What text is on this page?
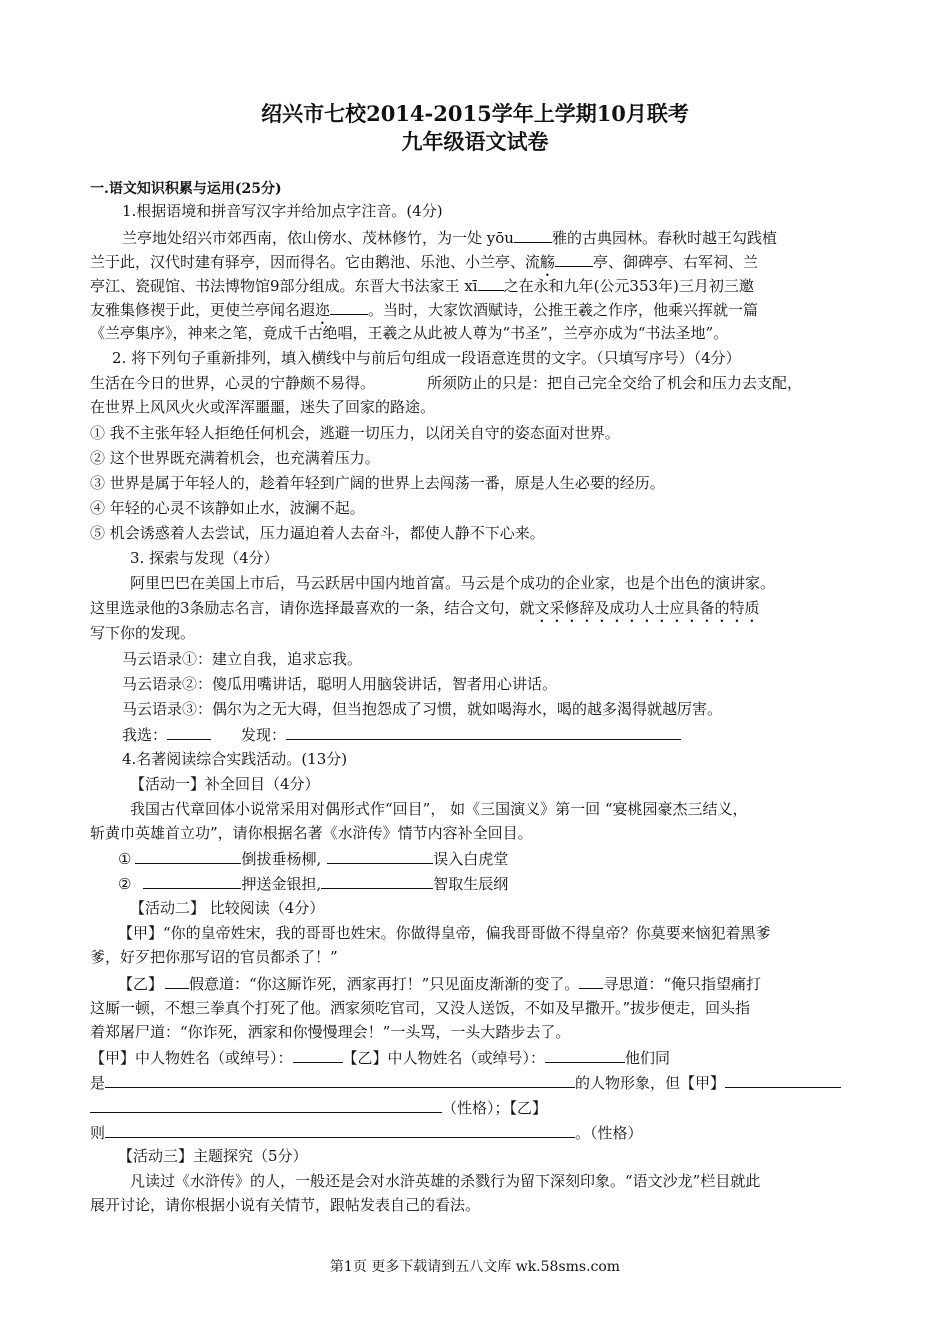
绍兴市七校2014-2015学年上学期10月联考
九年级语文试卷
一.语文知识积累与运用(25分)
1.根据语境和拼音写汉字并给加点字注音。(4分)
兰亭地处绍兴市郊西南，依山傍水、茂林修竹，为一处 yōu	雅的古典园林。春秋时越王勾践植
兰于此，汉代时建有驿亭，因而得名。它由鹅池、乐池、小兰亭、流觞	亭、御碑亭、右军祠、兰
亭江、瓷砚馆、书法博物馆9部分组成。东晋大书法家王 xī 之在永和九年(公元353年)三月初三邀
友雅集修禊于此，更使兰亭闻名遐迩	。当时，大家饮酒赋诗，公推王羲之作序，他乘兴挥就一篇
《兰亭集序》，神来之笔，竟成千古绝唱，王羲之从此被人尊为“书圣”，兰亭亦成为“书法圣地”。
2. 将下列句子重新排列，填入横线中与前后句组成一段语意连贯的文字。（只填写序号）（4分）
生活在今日的世界，心灵的宁静颇不易得。	所须防止的只是：把自己完全交给了机会和压力去支配，
在世界上风风火火或浑浑噩噩，迷失了回家的路途。
① 我不主张年轻人拒绝任何机会，逃避一切压力，以闭关自守的姿态面对世界。
② 这个世界既充满着机会，也充满着压力。
③ 世界是属于年轻人的，趁着年轻到广阔的世界上去闯荡一番，原是人生必要的经历。
④ 年轻的心灵不该静如止水，波澜不起。
⑤ 机会诱惑着人去尝试，压力逼迫着人去奋斗，都使人静不下心来。
3. 探索与发现（4分）
阿里巴巴在美国上市后，马云跃居中国内地首富。马云是个成功的企业家，也是个出色的演讲家。
这里选录他的3条励志名言，请你选择最喜欢的一条，结合文句，就文采修辞及成功人士应具备的特质
写下你的发现。
马云语录①：建立自我，追求忘我。
马云语录②：傻瓜用嘴讲话，聪明人用脑袋讲话，智者用心讲话。
马云语录③：偶尔为之无大碍，但当抱怨成了习惯，就如喝海水，喝的越多渴得就越厉害。
我选：	发现：
4.名著阅读综合实践活动。(13分)
【活动一】补全回目（4分）
我国古代章回体小说常采用对偶形式作“回目”， 如《三国演义》第一回 “宴桃园豪杰三结义，
斩黄巾英雄首立功”，请你根据名著《水浒传》情节内容补全回目。
①	倒拔垂杨柳,	误入白虎堂
②	押送金银担,	智取生辰纲
【活动二】 比较阅读（4分）
【甲】“你的皇帝姓宋，我的哥哥也姓宋。你做得皇帝，偏我哥哥做不得皇帝？你莫要来恼犯着黑爹
爹，好歹把你那写诏的官员都杀了！”
【乙】 假意道：“你这厮诈死，洒家再打！”只见面皮渐渐的变了。 寻思道：“俺只指望痛打
这厮一顿，不想三拳真个打死了他。洒家须吃官司，又没人送饭，不如及早撒开。”拔步便走，回头指
着郑屠尸道：“你诈死，洒家和你慢慢理会！”一头骂，一头大踏步去了。
【甲】中人物姓名（或绰号）：	【乙】中人物姓名（或绰号）：	他们同
是	的人物形象，但【甲】
（性格）；【乙】
则	。（性格）
【活动三】主题探究（5分）
凡读过《水浒传》的人，一般还是会对水浒英雄的杀戮行为留下深刻印象。“语文沙龙”栏目就此
展开讨论，请你根据小说有关情节，跟帖发表自己的看法。
第1页 更多下载请到五八文库 wk.58sms.com
